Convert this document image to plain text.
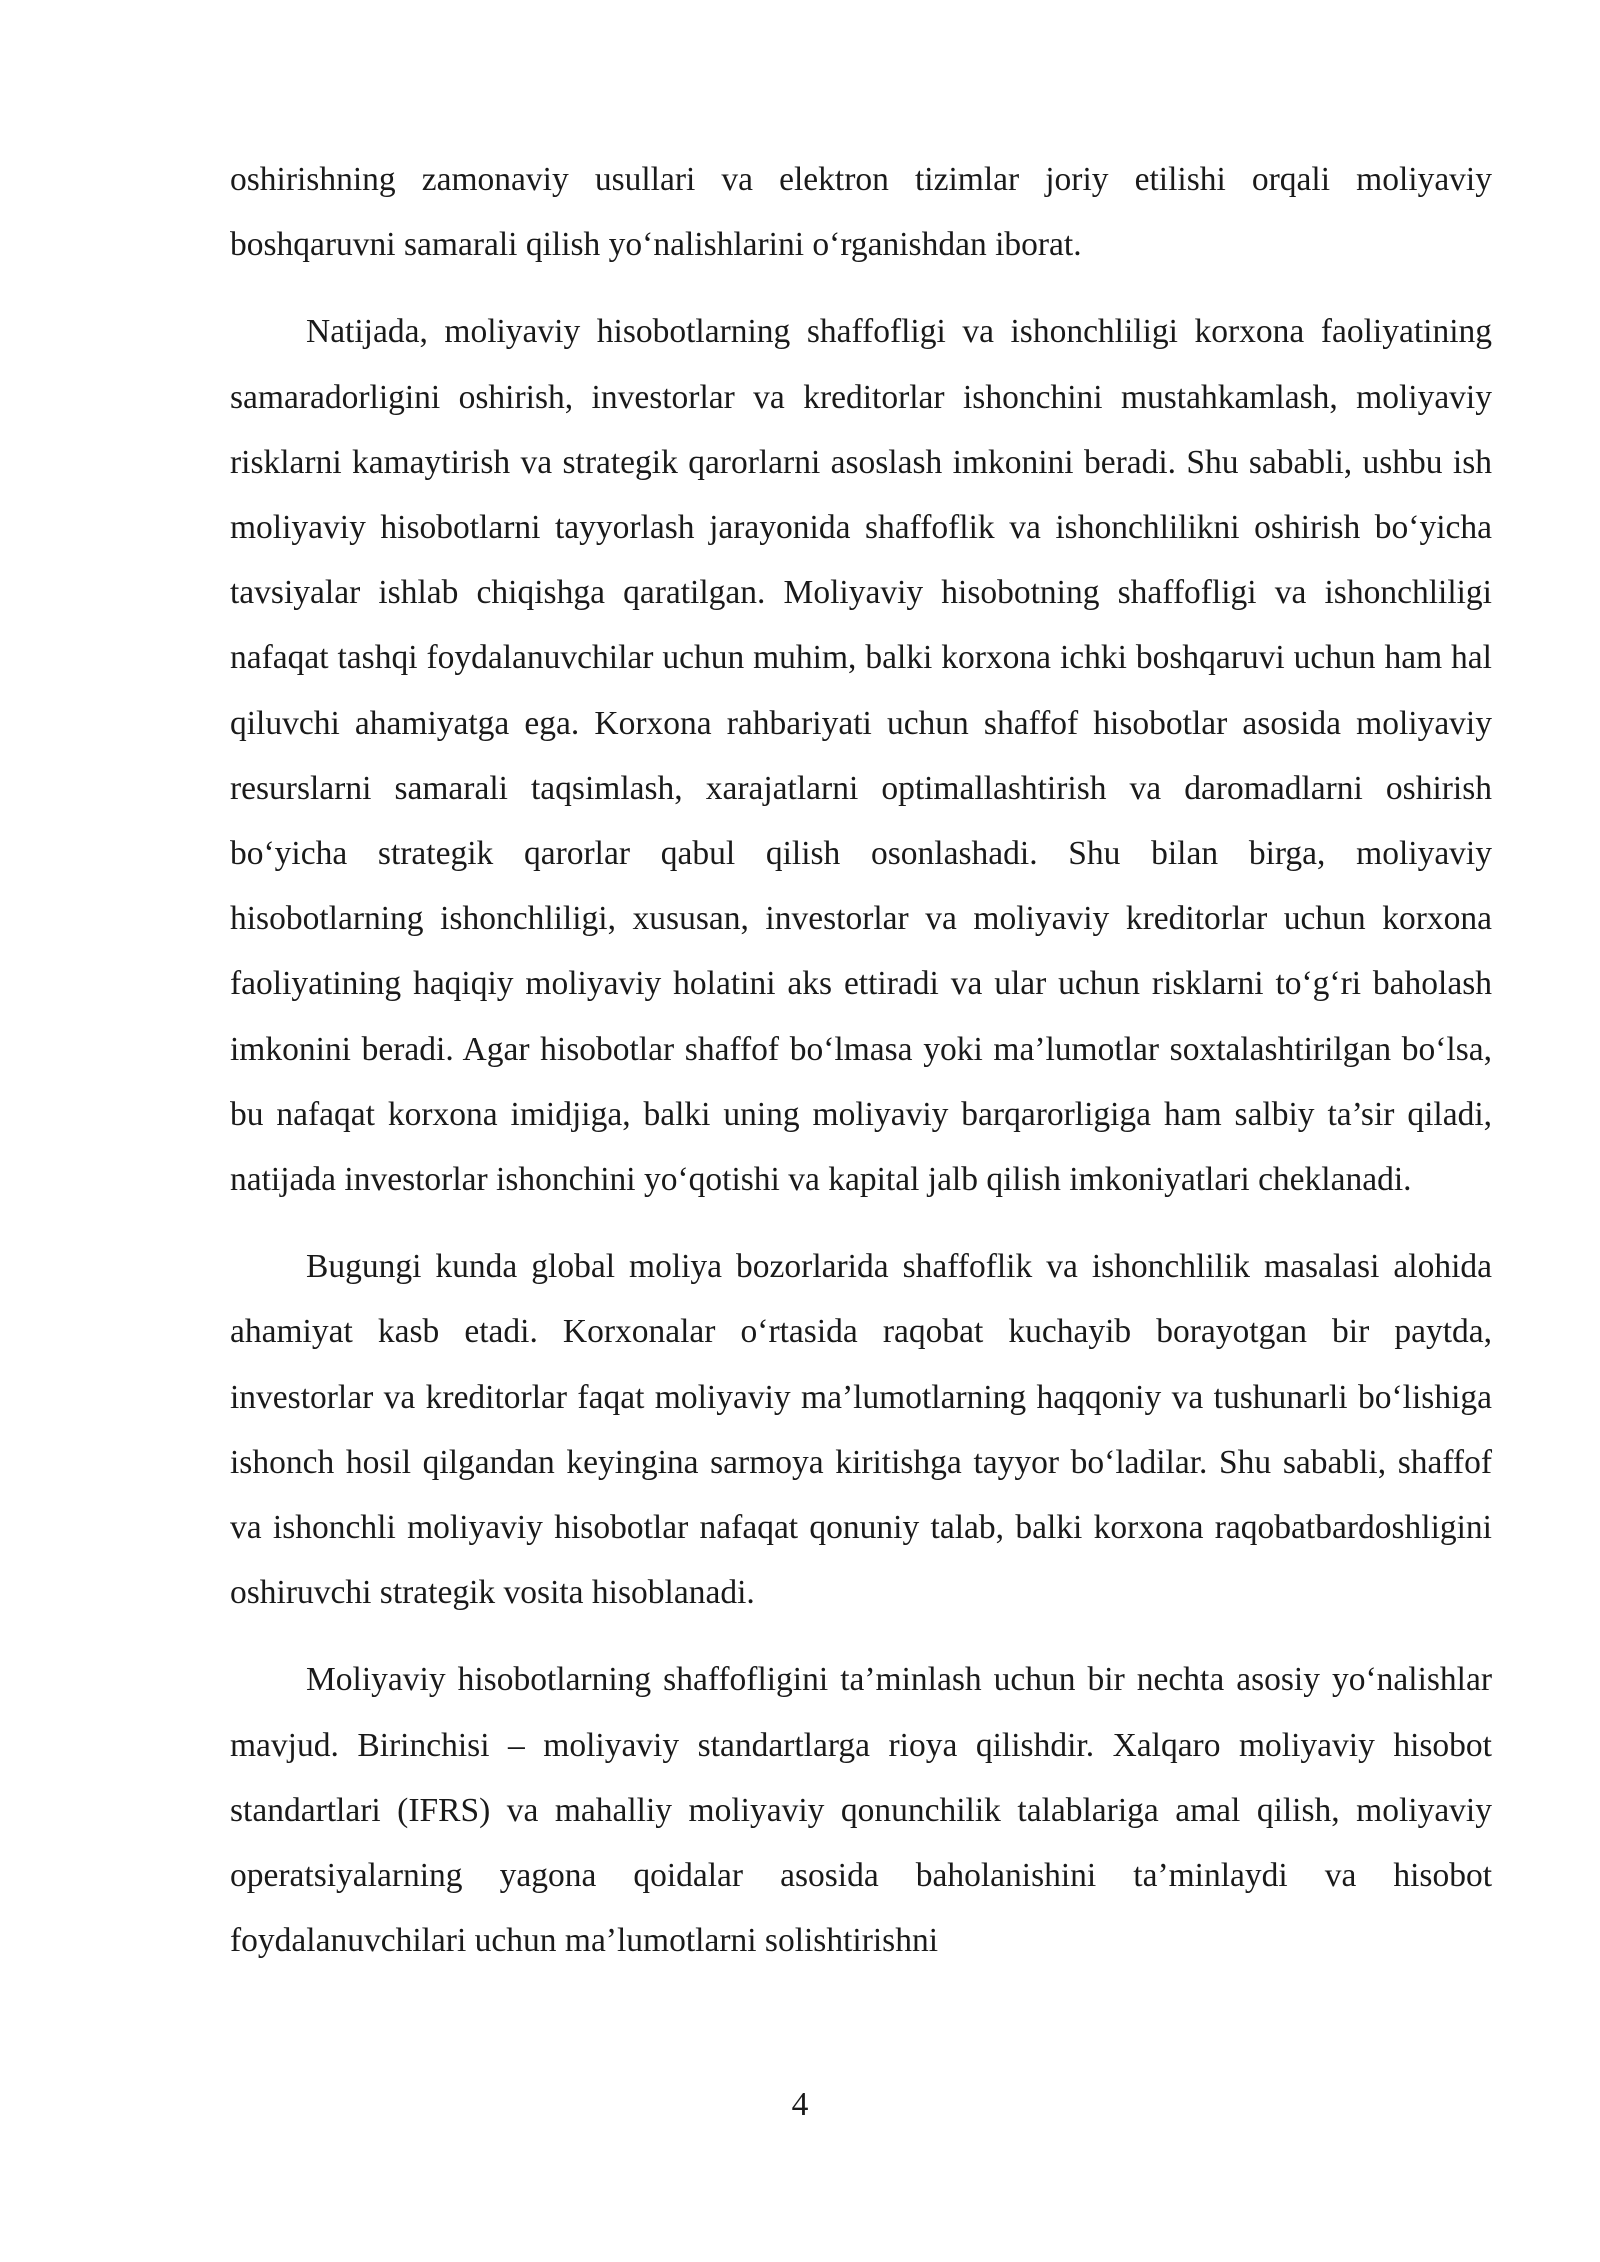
oshirishning zamonaviy usullari va elektron tizimlar joriy etilishi orqali moliyaviy boshqaruvni samarali qilish yo‘nalishlarini o‘rganishdan iborat.

Natijada, moliyaviy hisobotlarning shaffofligi va ishonchliligi korxona faoliyatining samaradorligini oshirish, investorlar va kreditorlar ishonchini mustahkamlash, moliyaviy risklarni kamaytirish va strategik qarorlarni asoslash imkonini beradi. Shu sababli, ushbu ish moliyaviy hisobotlarni tayyorlash jarayonida shaffoflik va ishonchlilikni oshirish bo‘yicha tavsiyalar ishlab chiqishga qaratilgan. Moliyaviy hisobotning shaffofligi va ishonchliligi nafaqat tashqi foydalanuvchilar uchun muhim, balki korxona ichki boshqaruvi uchun ham hal qiluvchi ahamiyatga ega. Korxona rahbariyati uchun shaffof hisobotlar asosida moliyaviy resurslarni samarali taqsimlash, xarajatlarni optimallashtirish va daromadlarni oshirish bo‘yicha strategik qarorlar qabul qilish osonlashadi. Shu bilan birga, moliyaviy hisobotlarning ishonchliligi, xususan, investorlar va moliyaviy kreditorlar uchun korxona faoliyatining haqiqiy moliyaviy holatini aks ettiradi va ular uchun risklarni to‘g‘ri baholash imkonini beradi. Agar hisobotlar shaffof bo‘lmasa yoki ma’lumotlar soxtalashtirilgan bo‘lsa, bu nafaqat korxona imidjiga, balki uning moliyaviy barqarorligiga ham salbiy ta’sir qiladi, natijada investorlar ishonchini yo‘qotishi va kapital jalb qilish imkoniyatlari cheklanadi.

Bugungi kunda global moliya bozorlarida shaffoflik va ishonchlilik masalasi alohida ahamiyat kasb etadi. Korxonalar o‘rtasida raqobat kuchayib borayotgan bir paytda, investorlar va kreditorlar faqat moliyaviy ma’lumotlarning haqqoniy va tushunarli bo‘lishiga ishonch hosil qilgandan keyingina sarmoya kiritishga tayyor bo‘ladilar. Shu sababli, shaffof va ishonchli moliyaviy hisobotlar nafaqat qonuniy talab, balki korxona raqobatbardoshligini oshiruvchi strategik vosita hisoblanadi.

Moliyaviy hisobotlarning shaffofligini ta’minlash uchun bir nechta asosiy yo‘nalishlar mavjud. Birinchisi – moliyaviy standartlarga rioya qilishdir. Xalqaro moliyaviy hisobot standartlari (IFRS) va mahalliy moliyaviy qonunchilik talablariga amal qilish, moliyaviy operatsiyalarning yagona qoidalar asosida baholanishini ta’minlaydi va hisobot foydalanuvchilari uchun ma’lumotlarni solishtirishni

4
